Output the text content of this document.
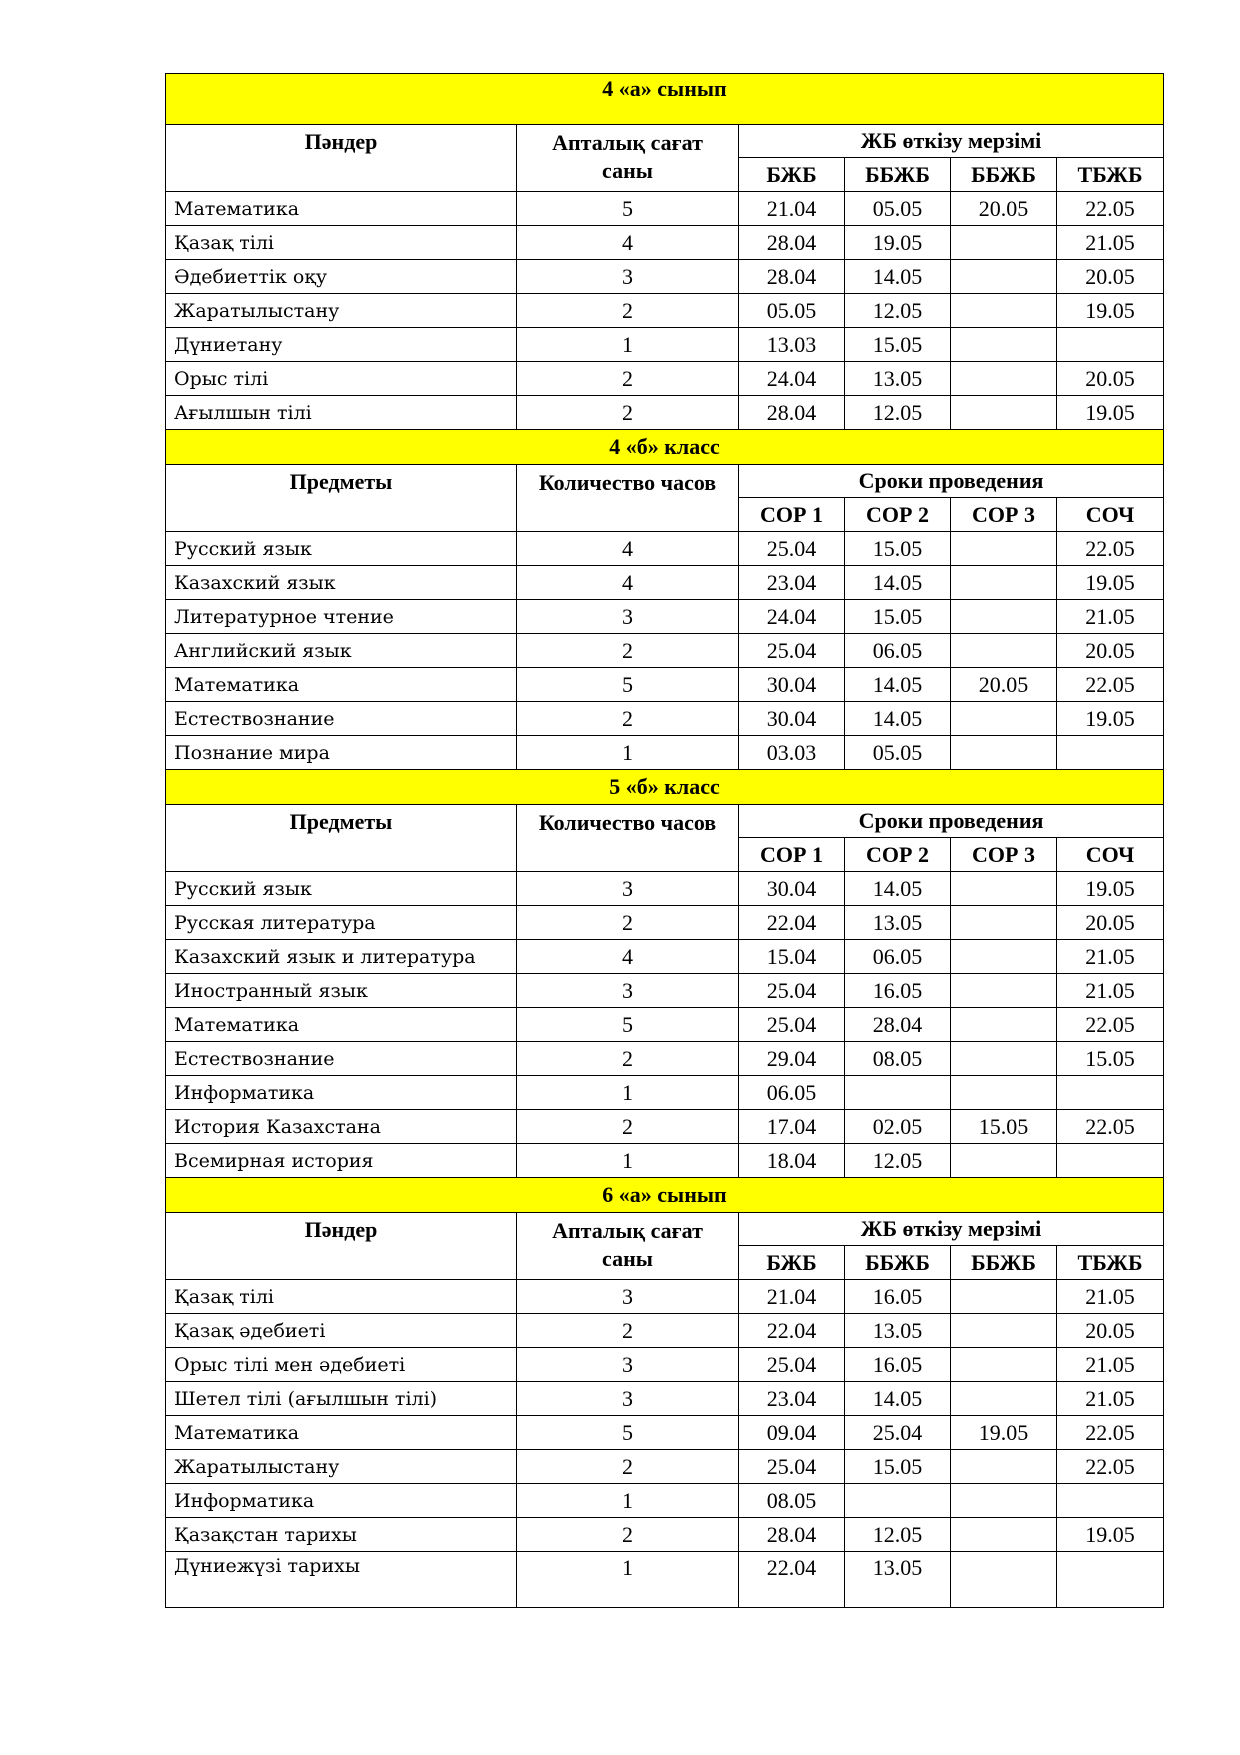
4 «а» сынып					
Пәндер	Апталық сағат саны	ЖБ өткізу мерзімі			
		БЖБ	ББЖБ	ББЖБ	ТБЖБ
Математика	5	21.04	05.05	20.05	22.05
Қазақ тілі	4	28.04	19.05		21.05
Әдебиеттік оқу	3	28.04	14.05		20.05
Жаратылыстану	2	05.05	12.05		19.05
Дүниетану	1	13.03	15.05		
Орыс тілі	2	24.04	13.05		20.05
Ағылшын тілі	2	28.04	12.05		19.05
4 «б» класс					
Предметы	Количество часов	Сроки проведения			
		СОР 1	СОР 2	СОР 3	СОЧ
Русский язык	4	25.04	15.05		22.05
Казахский язык	4	23.04	14.05		19.05
Литературное чтение	3	24.04	15.05		21.05
Английский язык	2	25.04	06.05		20.05
Математика	5	30.04	14.05	20.05	22.05
Естествознание	2	30.04	14.05		19.05
Познание мира	1	03.03	05.05		
5 «б» класс					
Предметы	Количество часов	Сроки проведения			
		СОР 1	СОР 2	СОР 3	СОЧ
Русский язык	3	30.04	14.05		19.05
Русская литература	2	22.04	13.05		20.05
Казахский язык и литература	4	15.04	06.05		21.05
Иностранный язык	3	25.04	16.05		21.05
Математика	5	25.04	28.04		22.05
Естествознание	2	29.04	08.05		15.05
Информатика	1	06.05			
История Казахстана	2	17.04	02.05	15.05	22.05
Всемирная история	1	18.04	12.05		
6 «а» сынып					
Пәндер	Апталық сағат саны	ЖБ өткізу мерзімі			
		БЖБ	ББЖБ	ББЖБ	ТБЖБ
Қазақ тілі	3	21.04	16.05		21.05
Қазақ әдебиеті	2	22.04	13.05		20.05
Орыс тілі мен әдебиеті	3	25.04	16.05		21.05
Шетел тілі (ағылшын тілі)	3	23.04	14.05		21.05
Математика	5	09.04	25.04	19.05	22.05
Жаратылыстану	2	25.04	15.05		22.05
Информатика	1	08.05			
Қазақстан тарихы	2	28.04	12.05		19.05
Дүниежүзі тарихы	1	22.04	13.05		
